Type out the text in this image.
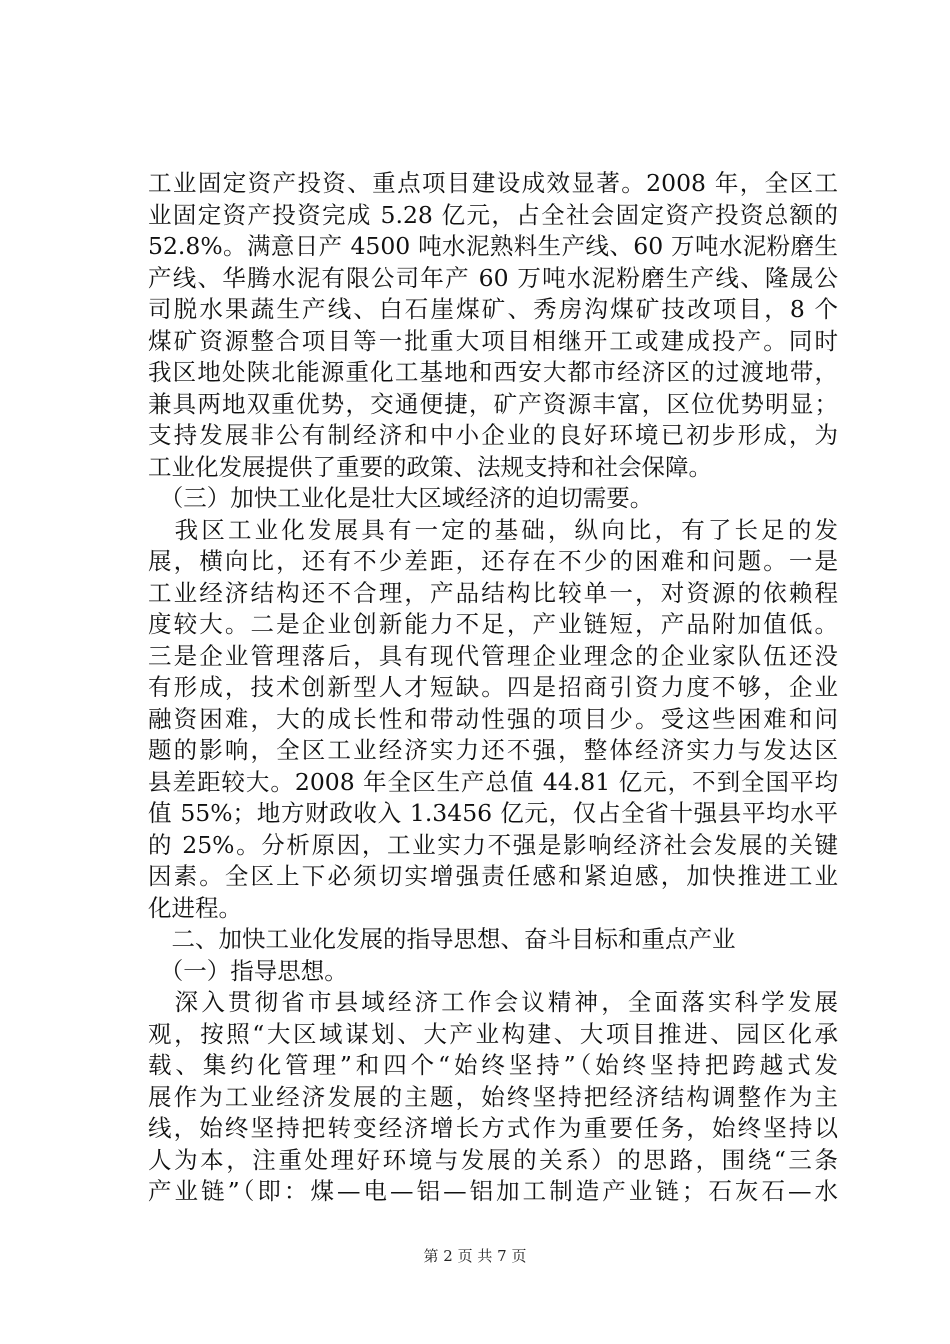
工业固定资产投资、重点项目建设成效显著。2008 年，全区工
业固定资产投资完成 5.28 亿元，占全社会固定资产投资总额的
52.8%。满意日产 4500 吨水泥熟料生产线、60 万吨水泥粉磨生
产线、华腾水泥有限公司年产 60 万吨水泥粉磨生产线、隆晟公
司脱水果蔬生产线、白石崖煤矿、秀房沟煤矿技改项目，8 个
煤矿资源整合项目等一批重大项目相继开工或建成投产。同时
我区地处陕北能源重化工基地和西安大都市经济区的过渡地带，
兼具两地双重优势，交通便捷，矿产资源丰富，区位优势明显；
支持发展非公有制经济和中小企业的良好环境已初步形成，为
工业化发展提供了重要的政策、法规支持和社会保障。
　（三）加快工业化是壮大区域经济的迫切需要。
　我区工业化发展具有一定的基础，纵向比，有了长足的发
展，横向比，还有不少差距，还存在不少的困难和问题。一是
工业经济结构还不合理，产品结构比较单一，对资源的依赖程
度较大。二是企业创新能力不足，产业链短，产品附加值低。
三是企业管理落后，具有现代管理企业理念的企业家队伍还没
有形成，技术创新型人才短缺。四是招商引资力度不够，企业
融资困难，大的成长性和带动性强的项目少。受这些困难和问
题的影响，全区工业经济实力还不强，整体经济实力与发达区
县差距较大。2008 年全区生产总值 44.81 亿元，不到全国平均
值 55%；地方财政收入 1.3456 亿元，仅占全省十强县平均水平
的 25%。分析原因，工业实力不强是影响经济社会发展的关键
因素。全区上下必须切实增强责任感和紧迫感，加快推进工业
化进程。
　二、加快工业化发展的指导思想、奋斗目标和重点产业
　（一）指导思想。
　深入贯彻省市县域经济工作会议精神，全面落实科学发展
观，按照“大区域谋划、大产业构建、大项目推进、园区化承
载、集约化管理”和四个“始终坚持”（始终坚持把跨越式发
展作为工业经济发展的主题，始终坚持把经济结构调整作为主
线，始终坚持把转变经济增长方式作为重要任务，始终坚持以
人为本，注重处理好环境与发展的关系）的思路，围绕“三条
产业链”（即：煤—电—铝—铝加工制造产业链；石灰石—水
第 2 页 共 7 页
